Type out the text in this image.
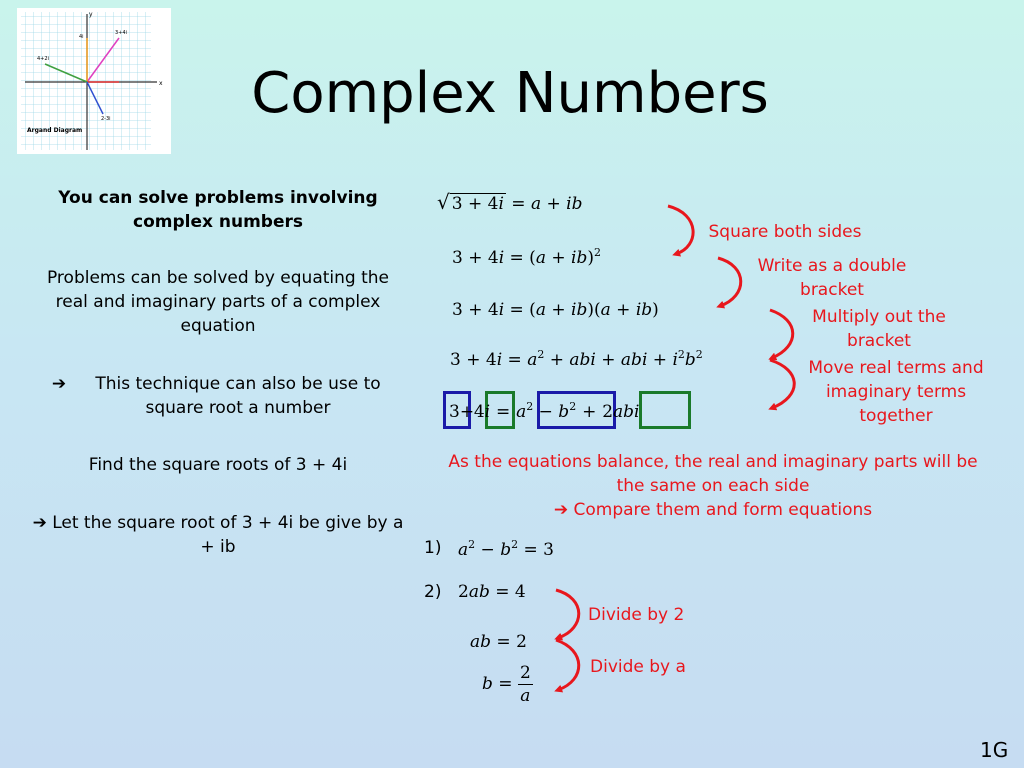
4i
3+4i
4+2i
2-3i
x
y
Argand Diagram
Complex Numbers
You can solve problems involving complex numbers
Problems can be solved by equating the real and imaginary parts of a complex equation
➔	This technique can also be use to square root a number
Find the square roots of 3 + 4i
➔ Let the square root of 3 + 4i be give by a + ib
√ 3 + 4i = a + ib
3 + 4i = (a + ib)$^2$
3 + 4i = (a + ib)(a + ib)
$3 + 4i = a^2$ + abi + abi + $i^2b^2$
$3+4i = a^2 - b^2 + 2abi$
1) $a^2 - b^2 = 3$
2) 2ab = 4
ab = 2
$b = \frac{2}{a}$
Square both sides
Write as a double
bracket
Multiply out the
bracket
Move real terms and
imaginary terms
together
As the equations balance, the real and imaginary parts will be
the same on each side
➔ Compare them and form equations
Divide by 2
Divide by a
1G
